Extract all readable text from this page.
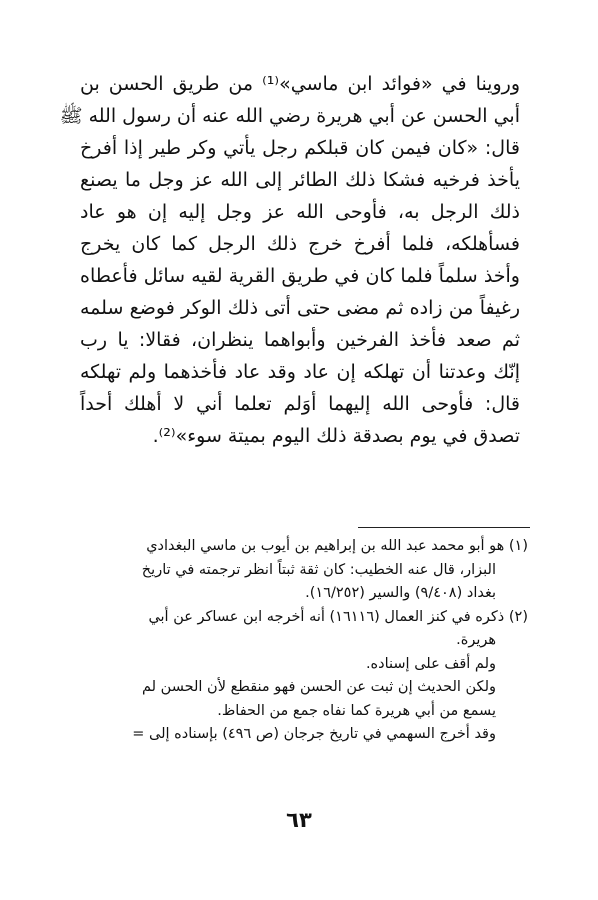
وروينا في «فوائد ابن ماسي»⁽¹⁾ من طريق الحسن بن
أبي الحسن عن أبي هريرة رضي الله عنه أن رسول الله ﷺ
قال: «كان فيمن كان قبلكم رجل يأتي وكر طير إذا أفرخ
يأخذ فرخيه فشكا ذلك الطائر إلى الله عز وجل ما يصنع
ذلك الرجل به، فأوحى الله عز وجل إليه إن هو عاد
فسأهلكه، فلما أفرخ خرج ذلك الرجل كما كان يخرج
وأخذ سلماً فلما كان في طريق القرية لقيه سائل فأعطاه
رغيفاً من زاده ثم مضى حتى أتى ذلك الوكر فوضع سلمه
ثم صعد فأخذ الفرخين وأبواهما ينظران، فقالا: يا رب
إنّك وعدتنا أن تهلكه إن عاد وقد عاد فأخذهما ولم تهلكه
قال: فأوحى الله إليهما أوَلم تعلما أني لا أهلك أحداً
تصدق في يوم بصدقة ذلك اليوم بميتة سوء»⁽²⁾.
(١) هو أبو محمد عبد الله بن إبراهيم بن أيوب بن ماسي البغدادي
البزار، قال عنه الخطيب: كان ثقة ثبتاً انظر ترجمته في تاريخ
بغداد (٩/٤٠٨) والسير (١٦/٢٥٢).
(٢) ذكره في كنز العمال (١٦١١٦) أنه أخرجه ابن عساكر عن أبي
هريرة.
ولم أقف على إسناده.
ولكن الحديث إن ثبت عن الحسن فهو منقطع لأن الحسن لم
يسمع من أبي هريرة كما نفاه جمع من الحفاظ.
وقد أخرج السهمي في تاريخ جرجان (ص ٤٩٦) بإسناده إلى =
٦٣
